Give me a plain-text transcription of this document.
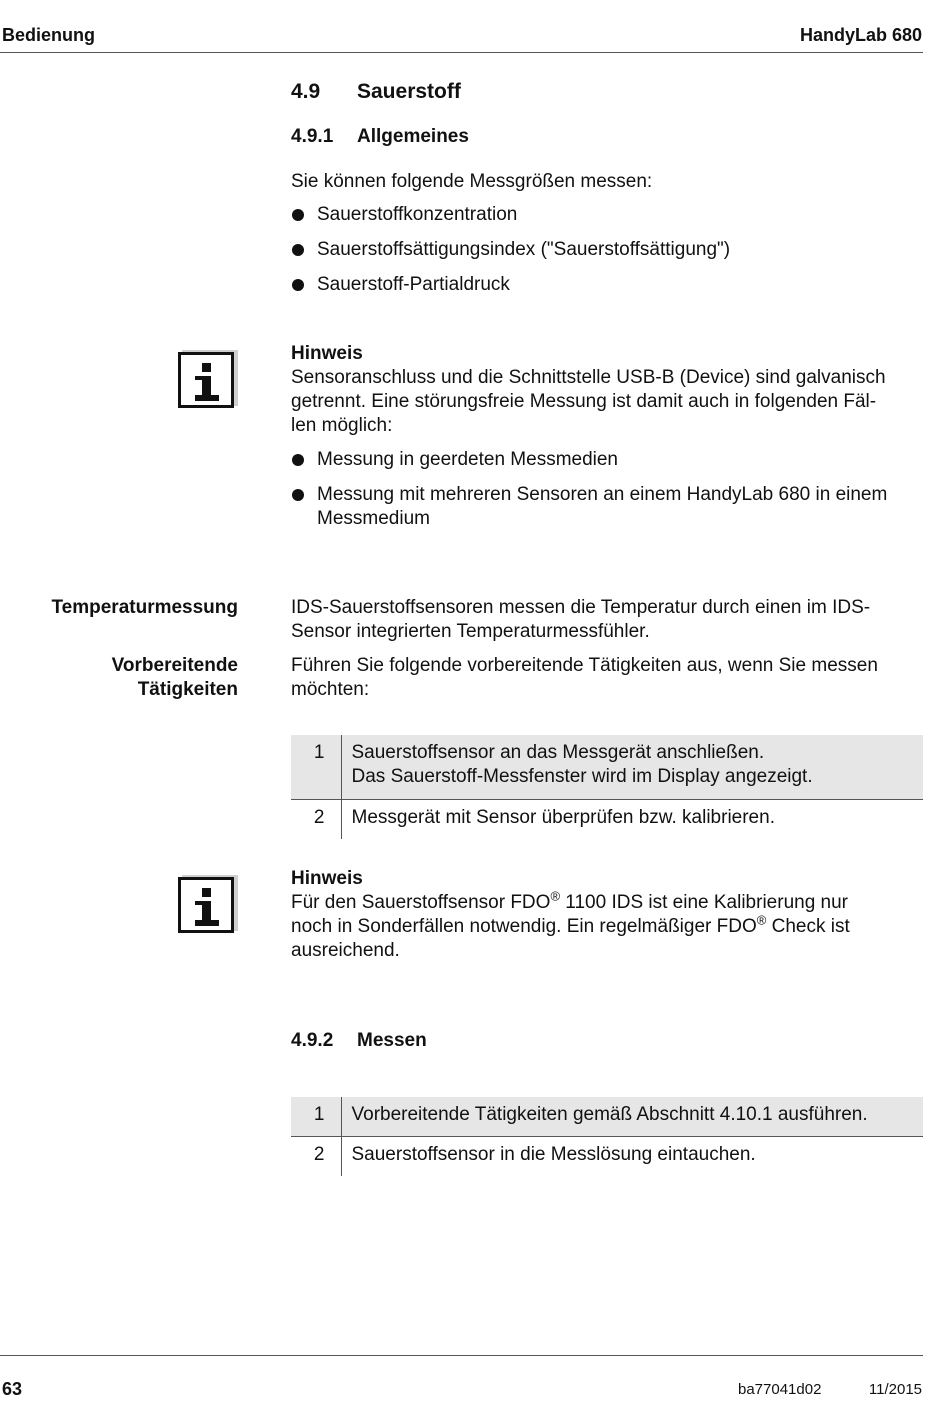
Bedienung	HandyLab 680
4.9 Sauerstoff
4.9.1 Allgemeines
Sie können folgende Messgrößen messen:
Sauerstoffkonzentration
Sauerstoffsättigungsindex ("Sauerstoffsättigung")
Sauerstoff-Partialdruck
Hinweis
Sensoranschluss und die Schnittstelle USB-B (Device) sind galvanisch
getrennt. Eine störungsfreie Messung ist damit auch in folgenden Fäl-
len möglich:
Messung in geerdeten Messmedien
Messung mit mehreren Sensoren an einem HandyLab 680 in einem Messmedium
Temperaturmessung	IDS-Sauerstoffsensoren messen die Temperatur durch einen im IDS-
Sensor integrierten Temperaturmessfühler.
Vorbereitende
Tätigkeiten
Führen Sie folgende vorbereitende Tätigkeiten aus, wenn Sie messen
möchten:
1	Sauerstoffsensor an das Messgerät anschließen.
Das Sauerstoff-Messfenster wird im Display angezeigt.

2	Messgerät mit Sensor überprüfen bzw. kalibrieren.
Hinweis
Für den Sauerstoffsensor FDO® 1100 IDS ist eine Kalibrierung nur
noch in Sonderfällen notwendig. Ein regelmäßiger FDO® Check ist
ausreichend.
4.9.2 Messen
1	Vorbereitende Tätigkeiten gemäß Abschnitt 4.10.1 ausführen.
2	Sauerstoffsensor in die Messlösung eintauchen.
63	ba77041d02	11/2015
